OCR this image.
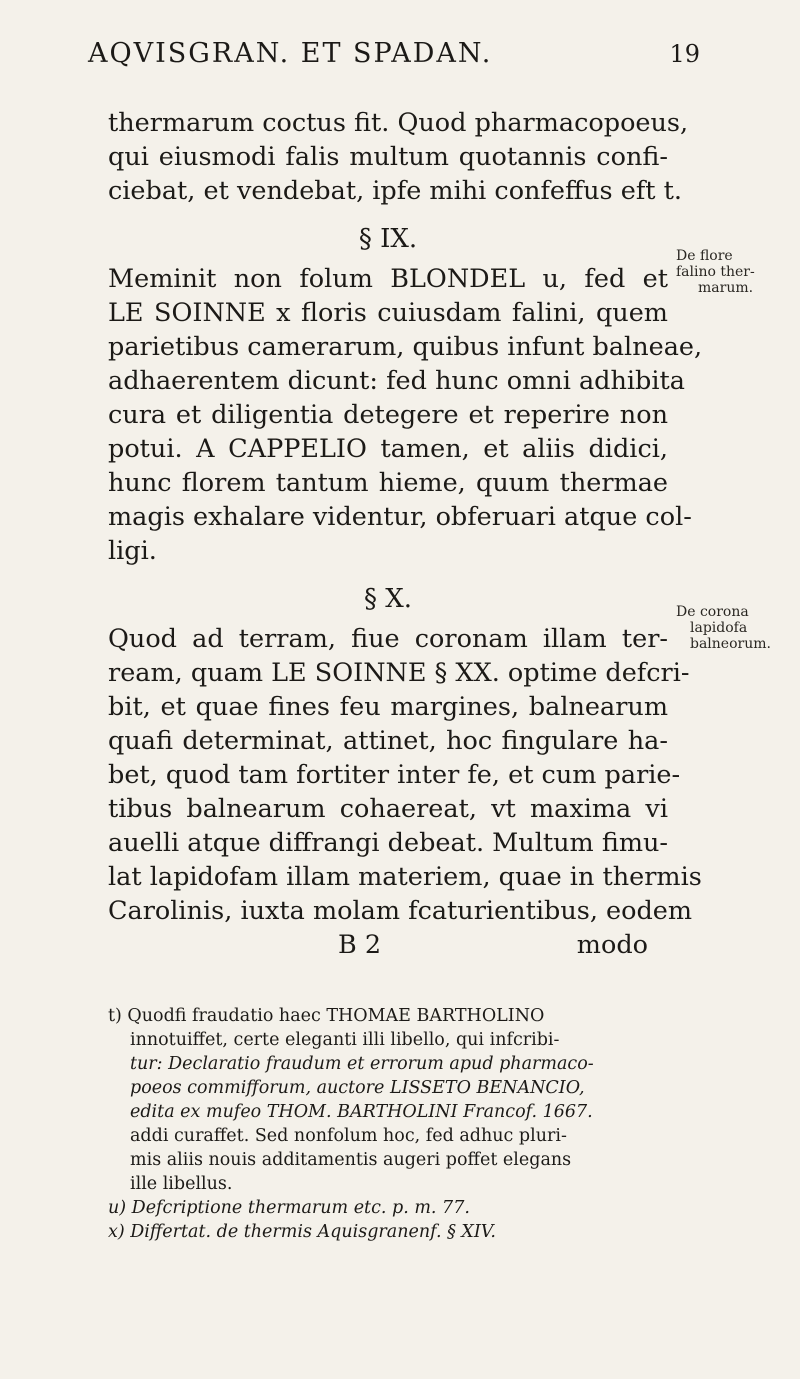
AQVISGRAN. ET SPADAN.	19

thermarum coctus fit. Quod pharmacopoeus,

qui eiusmodi falis multum quotannis confi-

ciebat, et vendebat, ipfe mihi confeffus eft t.

§ IX.

Meminit non folum BLONDEL u, fed et

LE SOINNE x floris cuiusdam falini, quem

parietibus camerarum, quibus infunt balneae,

adhaerentem dicunt: fed hunc omni adhibita

cura et diligentia detegere et reperire non

potui. A CAPPELIO tamen, et aliis didici,

hunc florem tantum hieme, quum thermae

magis exhalare videntur, obferuari atque col-

ligi.

§ X.

Quod ad terram, fiue coronam illam ter-

ream, quam LE SOINNE § XX. optime defcri-

bit, et quae fines feu margines, balnearum

quafi determinat, attinet, hoc fingulare ha-

bet, quod tam fortiter inter fe, et cum parie-

tibus balnearum cohaereat, vt maxima vi

auelli atque diffrangi debeat. Multum fimu-

lat lapidofam illam materiem, quae in thermis

Carolinis, iuxta molam fcaturientibus, eodem

B 2	modo
De flore
falino ther-
marum.
De corona
lapidofa
balneorum.

t) Quodfi fraudatio haec THOMAE BARTHOLINO

innotuiffet, certe eleganti illi libello, qui infcribi-

tur: Declaratio fraudum et errorum apud pharmaco-

poeos commifforum, auctore LISSETO BENANCIO,

edita ex mufeo THOM. BARTHOLINI Francof. 1667.

addi curaffet. Sed nonfolum hoc, fed adhuc pluri-

mis aliis nouis additamentis augeri poffet elegans

ille libellus.

u) Defcriptione thermarum etc. p. m. 77.

x) Differtat. de thermis Aquisgranenf. § XIV.
